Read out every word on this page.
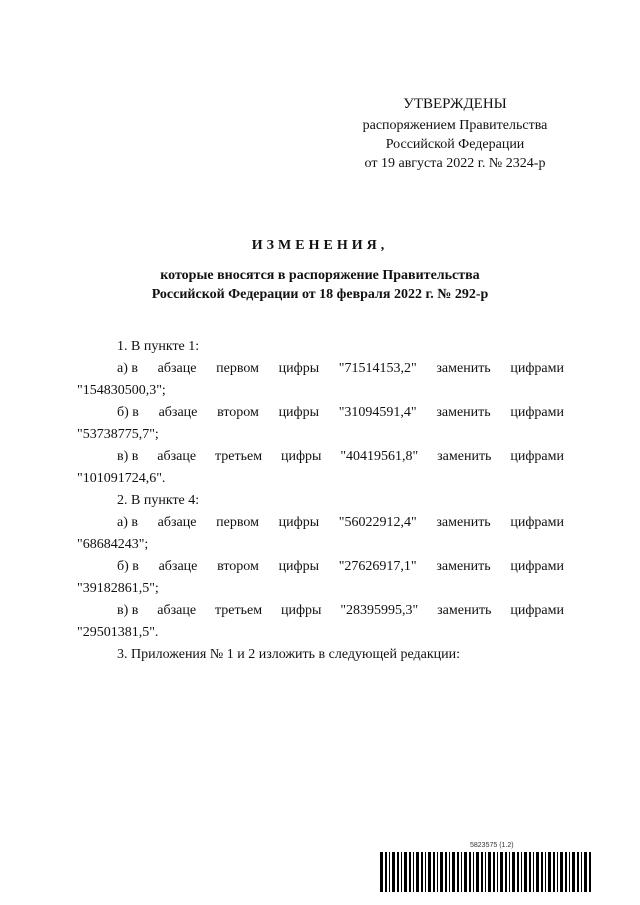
УТВЕРЖДЕНЫ
распоряжением Правительства
Российской Федерации
от 19 августа 2022 г. № 2324-р
ИЗМЕНЕНИЯ,
которые вносятся в распоряжение Правительства
Российской Федерации от 18 февраля 2022 г. № 292-р
1. В пункте 1:
а) в абзаце первом цифры "71514153,2" заменить цифрами
"154830500,3";
б) в абзаце втором цифры "31094591,4" заменить цифрами
"53738775,7";
в) в абзаце третьем цифры "40419561,8" заменить цифрами
"101091724,6".
2. В пункте 4:
а) в абзаце первом цифры "56022912,4" заменить цифрами
"68684243";
б) в абзаце втором цифры "27626917,1" заменить цифрами
"39182861,5";
в) в абзаце третьем цифры "28395995,3" заменить цифрами
"29501381,5".
3. Приложения № 1 и 2 изложить в следующей редакции:
5823575 (1.2)
